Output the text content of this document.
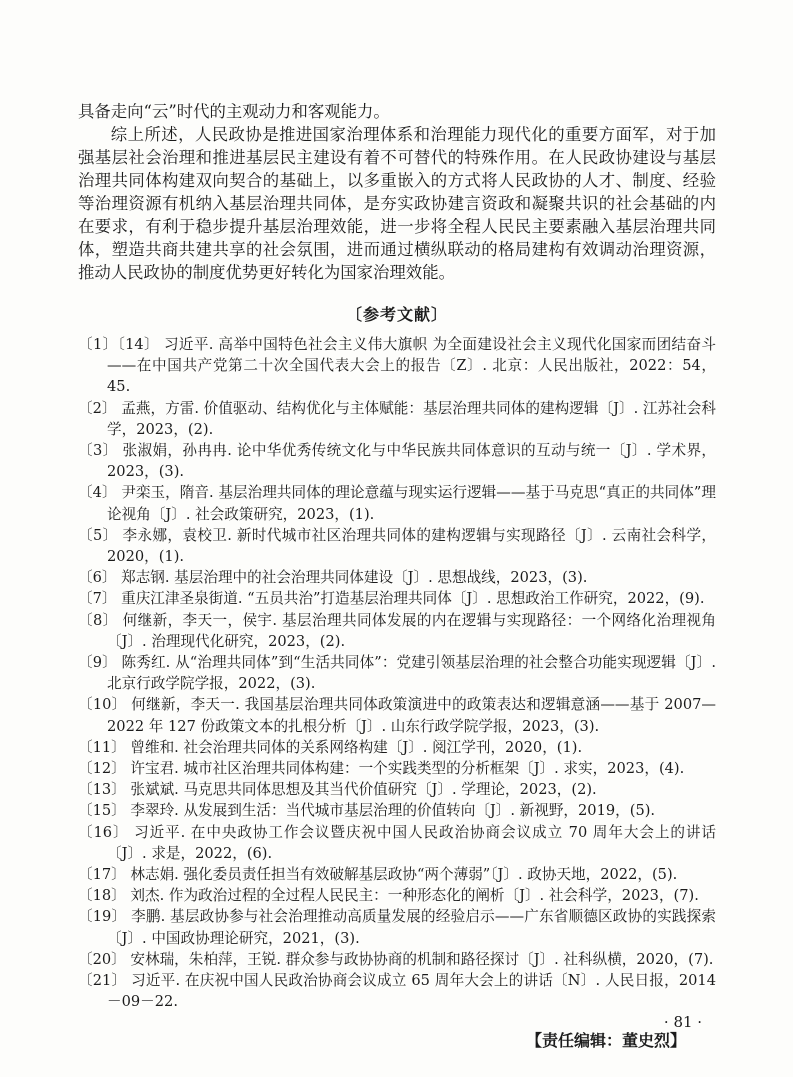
具备走向“云”时代的主观动力和客观能力。

综上所述，人民政协是推进国家治理体系和治理能力现代化的重要方面军，对于加强基层社会治理和推进基层民主建设有着不可替代的特殊作用。在人民政协建设与基层治理共同体构建双向契合的基础上，以多重嵌入的方式将人民政协的人才、制度、经验等治理资源有机纳入基层治理共同体，是夯实政协建言资政和凝聚共识的社会基础的内在要求，有利于稳步提升基层治理效能，进一步将全程人民民主要素融入基层治理共同体，塑造共商共建共享的社会氛围，进而通过横纵联动的格局建构有效调动治理资源，推动人民政协的制度优势更好转化为国家治理效能。

〔参考文献〕
〔1〕〔14〕 习近平. 高举中国特色社会主义伟大旗帜 为全面建设社会主义现代化国家而团结奋斗——在中国共产党第二十次全国代表大会上的报告〔Z〕. 北京：人民出版社，2022：54，45.
〔2〕 孟燕，方雷. 价值驱动、结构优化与主体赋能：基层治理共同体的建构逻辑〔J〕. 江苏社会科学，2023，(2).
〔3〕 张淑娟，孙冉冉. 论中华优秀传统文化与中华民族共同体意识的互动与统一〔J〕. 学术界，2023，(3).
〔4〕 尹栾玉，隋音. 基层治理共同体的理论意蕴与现实运行逻辑——基于马克思“真正的共同体”理论视角〔J〕. 社会政策研究，2023，(1).
〔5〕 李永娜，袁校卫. 新时代城市社区治理共同体的建构逻辑与实现路径〔J〕. 云南社会科学，2020，(1).
〔6〕 郑志钢. 基层治理中的社会治理共同体建设〔J〕. 思想战线，2023，(3).
〔7〕 重庆江津圣泉街道. “五员共治”打造基层治理共同体〔J〕. 思想政治工作研究，2022，(9).
〔8〕 何继新，李天一，侯宇. 基层治理共同体发展的内在逻辑与实现路径：一个网络化治理视角〔J〕. 治理现代化研究，2023，(2).
〔9〕 陈秀红. 从“治理共同体”到“生活共同体”：党建引领基层治理的社会整合功能实现逻辑〔J〕. 北京行政学院学报，2022，(3).
〔10〕 何继新，李天一. 我国基层治理共同体政策演进中的政策表达和逻辑意涵——基于 2007—2022 年 127 份政策文本的扎根分析〔J〕. 山东行政学院学报，2023，(3).
〔11〕 曾维和. 社会治理共同体的关系网络构建〔J〕. 阅江学刊，2020，(1).
〔12〕 许宝君. 城市社区治理共同体构建：一个实践类型的分析框架〔J〕. 求实，2023，(4).
〔13〕 张斌斌. 马克思共同体思想及其当代价值研究〔J〕. 学理论，2023，(2).
〔15〕 李翠玲. 从发展到生活：当代城市基层治理的价值转向〔J〕. 新视野，2019，(5).
〔16〕 习近平. 在中央政协工作会议暨庆祝中国人民政治协商会议成立 70 周年大会上的讲话〔J〕. 求是，2022，(6).
〔17〕 林志娟. 强化委员责任担当有效破解基层政协“两个薄弱”〔J〕. 政协天地，2022，(5).
〔18〕 刘杰. 作为政治过程的全过程人民民主：一种形态化的阐析〔J〕. 社会科学，2023，(7).
〔19〕 李鹏. 基层政协参与社会治理推动高质量发展的经验启示——广东省顺德区政协的实践探索〔J〕. 中国政协理论研究，2021，(3).
〔20〕 安林瑞，朱柏萍，王锐. 群众参与政协协商的机制和路径探讨〔J〕. 社科纵横，2020，(7).
〔21〕 习近平. 在庆祝中国人民政治协商会议成立 65 周年大会上的讲话〔N〕. 人民日报，2014－09－22.
【责任编辑：董史烈】
· 81 ·
